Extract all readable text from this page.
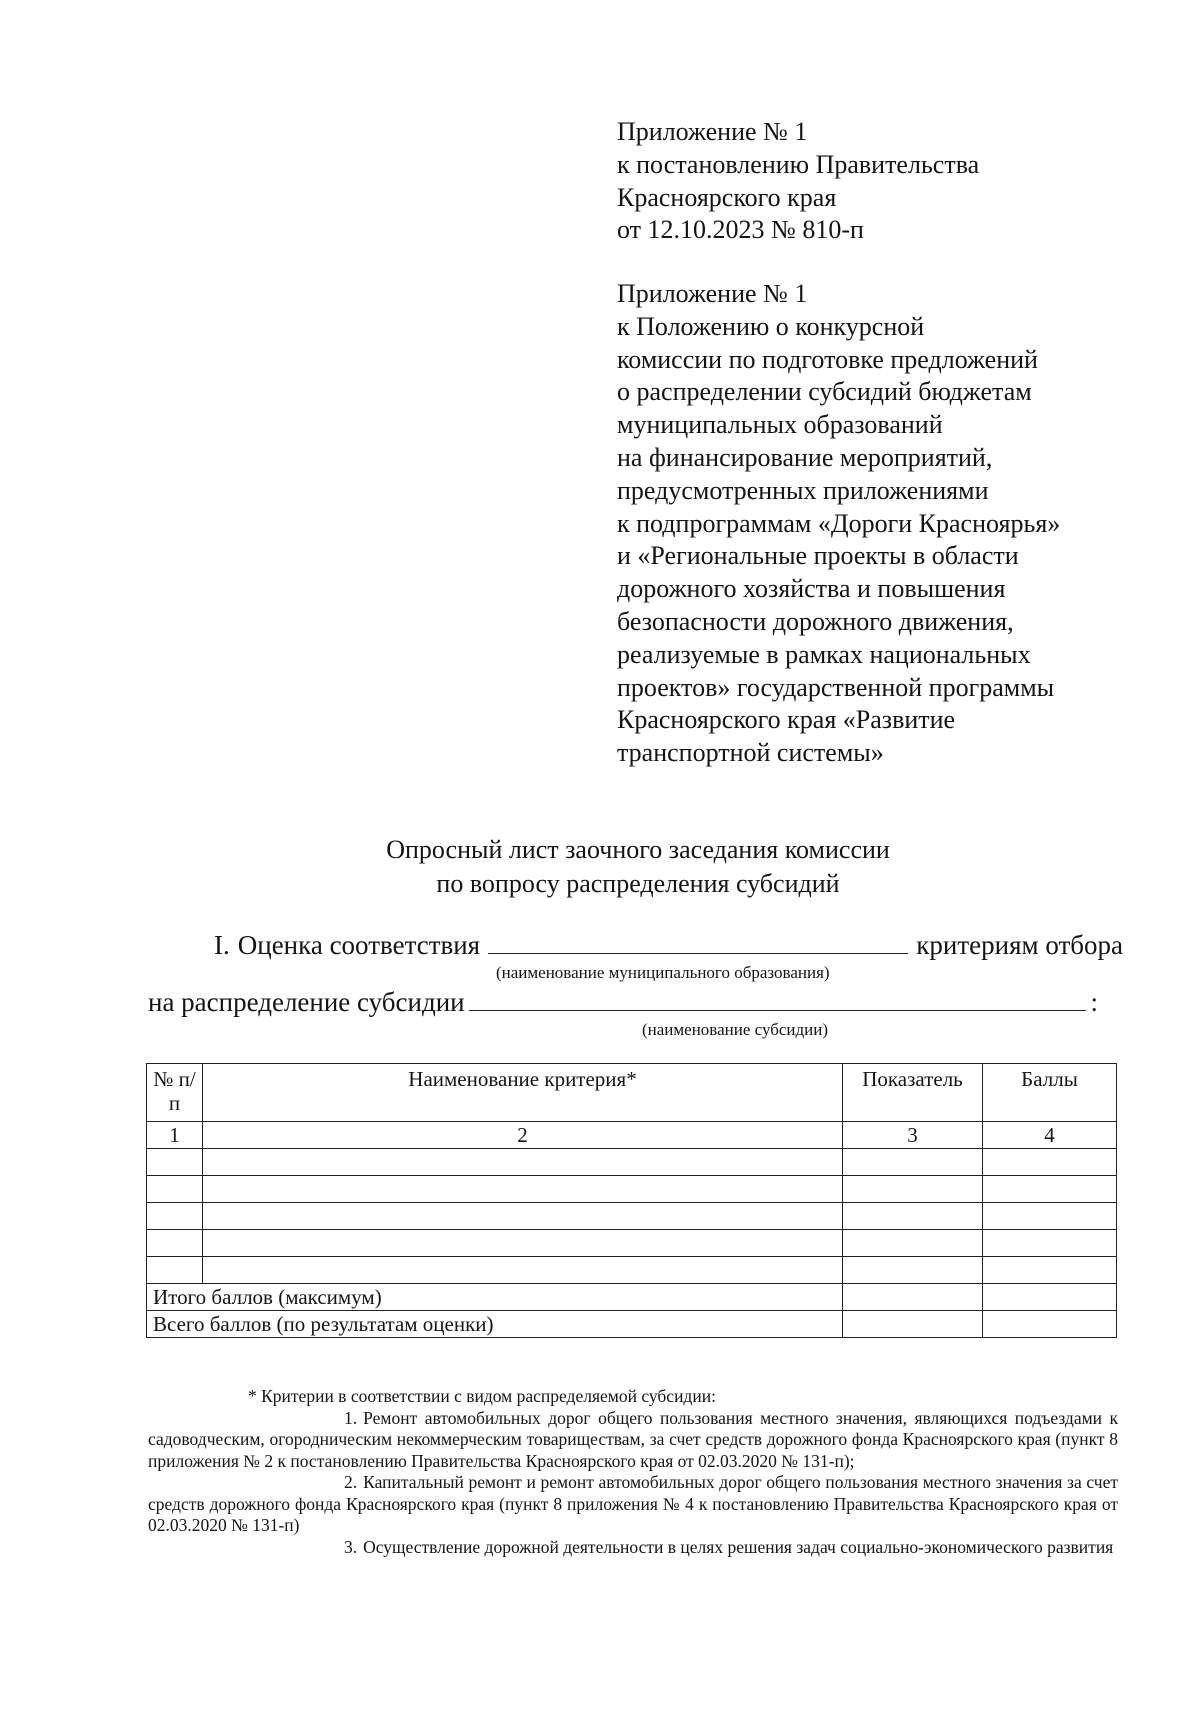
Приложение № 1
к постановлению Правительства
Красноярского края
от 12.10.2023 № 810-п
Приложение № 1
к Положению о конкурсной
комиссии по подготовке предложений
о распределении субсидий бюджетам
муниципальных образований
на финансирование мероприятий,
предусмотренных приложениями
к подпрограммам «Дороги Красноярья»
и «Региональные проекты в области
дорожного хозяйства и повышения
безопасности дорожного движения,
реализуемые в рамках национальных
проектов» государственной программы
Красноярского края «Развитие
транспортной системы»
Опросный лист заочного заседания комиссии
по вопросу распределения субсидий
I. Оценка соответствия	критериям отбора
(наименование муниципального образования)
на распределение субсидии	:
(наименование субсидии)
№ п/п	Наименование критерия*	Показатель	Баллы
1	2	3	4

Итого баллов (максимум)			
Всего баллов (по результатам оценки)			

* Критерии в соответствии с видом распределяемой субсидии:

1. Ремонт автомобильных дорог общего пользования местного значения, являющихся подъездами к садоводческим, огородническим некоммерческим товариществам, за счет средств дорожного фонда Красноярского края (пункт 8 приложения № 2 к постановлению Правительства Красноярского края от 02.03.2020 № 131-п);

2. Капитальный ремонт и ремонт автомобильных дорог общего пользования местного значения за счет средств дорожного фонда Красноярского края (пункт 8 приложения № 4 к постановлению Правительства Красноярского края от 02.03.2020 № 131-п)

3. Осуществление дорожной деятельности в целях решения задач социально-экономического развития
